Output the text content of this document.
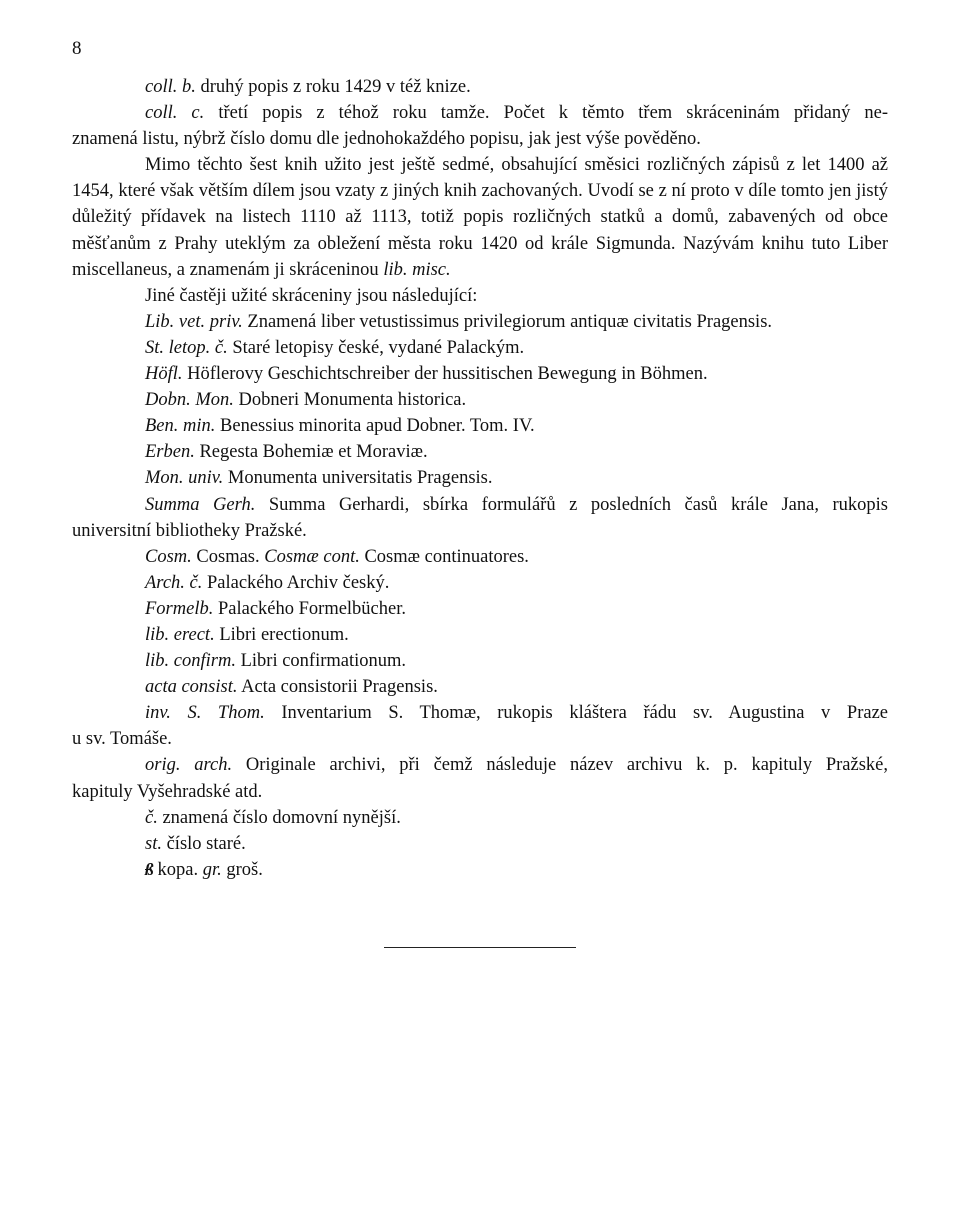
8
coll. b. druhý popis z roku 1429 v též knize.
coll. c. třetí popis z téhož roku tamže. Počet k těmto třem skráceninám přidaný ne-
znamená listu, nýbrž číslo domu dle jednohokaždého popisu, jak jest výše pověděno.

Mimo těchto šest knih užito jest ještě sedmé, obsahující směsici rozličných zápisů z let 1400 až 1454, které však větším dílem jsou vzaty z jiných knih zachovaných. Uvodí se z ní proto v díle tomto jen jistý důležitý přídavek na listech 1110 až 1113, totiž popis rozličných statků a domů, zabavených od obce měšťanům z Prahy uteklým za obležení města roku 1420 od krále Sigmunda. Nazývám knihu tuto Liber miscellaneus, a znamenám ji skráceninou lib. misc.

Jiné častěji užité skráceniny jsou následující:
Lib. vet. priv. Znamená liber vetustissimus privilegiorum antiquæ civitatis Pragensis.
St. letop. č. Staré letopisy české, vydané Palackým.
Höfl. Höflerovy Geschichtschreiber der hussitischen Bewegung in Böhmen.
Dobn. Mon. Dobneri Monumenta historica.
Ben. min. Benessius minorita apud Dobner. Tom. IV.
Erben. Regesta Bohemiæ et Moraviæ.
Mon. univ. Monumenta universitatis Pragensis.
Summa Gerh. Summa Gerhardi, sbírka formulářů z posledních časů krále Jana, rukopis
universitní bibliotheky Pražské.
Cosm. Cosmas. Cosmæ cont. Cosmæ continuatores.
Arch. č. Palackého Archiv český.
Formelb. Palackého Formelbücher.
lib. erect. Libri erectionum.
lib. confirm. Libri confirmationum.
acta consist. Acta consistorii Pragensis.
inv. S. Thom. Inventarium S. Thomæ, rukopis kláštera řádu sv. Augustina v Praze
u sv. Tomáše.
orig. arch. Originale archivi, při čemž následuje název archivu k. p. kapituly Pražské,
kapituly Vyšehradské atd.
č. znamená číslo domovní nynější.
st. číslo staré.
ß kopa. gr. groš.
